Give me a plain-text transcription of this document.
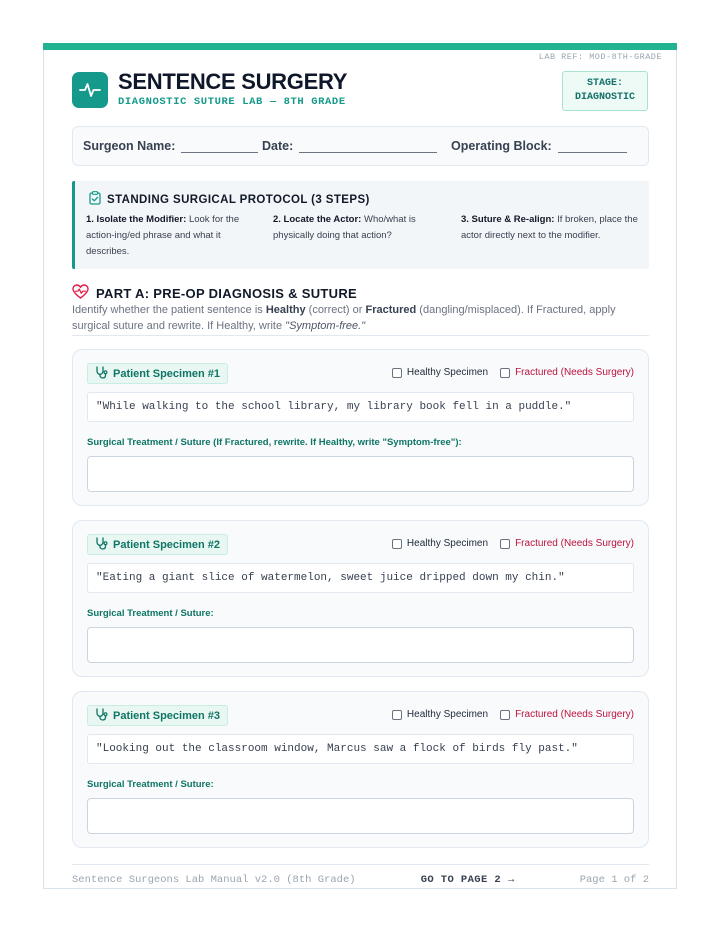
LAB REF: MOD-8TH-GRADE
SENTENCE SURGERY
DIAGNOSTIC SUTURE LAB — 8TH GRADE
STAGE:
DIAGNOSTIC
Surgeon Name:	Date:	Operating Block:
STANDING SURGICAL PROTOCOL (3 STEPS)
1. Isolate the Modifier: Look for the action-ing/ed phrase and what it describes.
2. Locate the Actor: Who/what is physically doing that action?
3. Suture & Re-align: If broken, place the actor directly next to the modifier.
PART A: PRE-OP DIAGNOSIS & SUTURE
Identify whether the patient sentence is Healthy (correct) or Fractured (dangling/misplaced). If Fractured, apply surgical suture and rewrite. If Healthy, write "Symptom-free."
Patient Specimen #1	Healthy Specimen	Fractured (Needs Surgery)
"While walking to the school library, my library book fell in a puddle."
Surgical Treatment / Suture (If Fractured, rewrite. If Healthy, write "Symptom-free"):
Patient Specimen #2	Healthy Specimen	Fractured (Needs Surgery)
"Eating a giant slice of watermelon, sweet juice dripped down my chin."
Surgical Treatment / Suture:
Patient Specimen #3	Healthy Specimen	Fractured (Needs Surgery)
"Looking out the classroom window, Marcus saw a flock of birds fly past."
Surgical Treatment / Suture:
Sentence Surgeons Lab Manual v2.0 (8th Grade)	GO TO PAGE 2 →	Page 1 of 2
